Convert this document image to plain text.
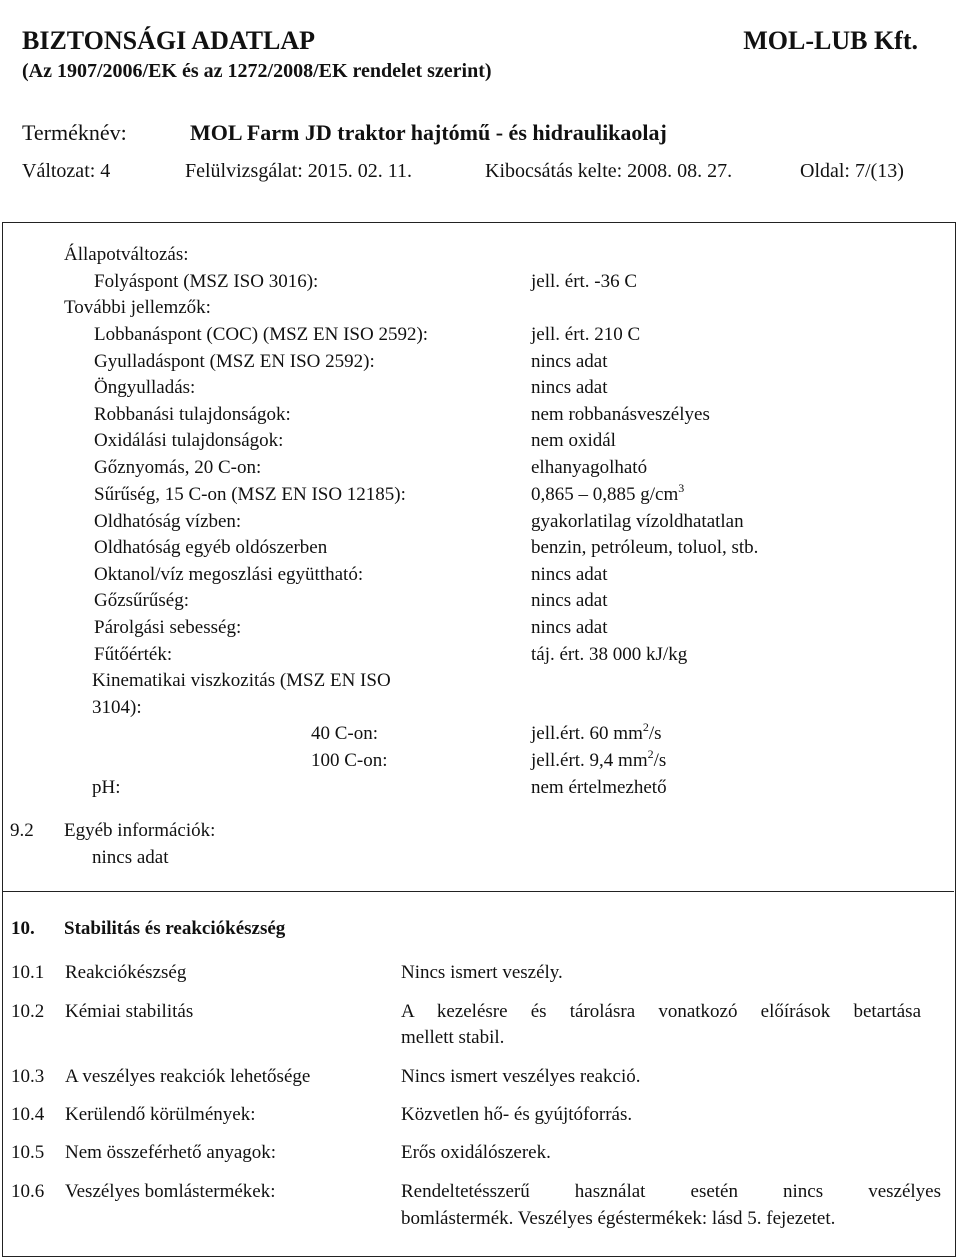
BIZTONSÁGI ADATLAP	MOL-LUB Kft.
(Az 1907/2006/EK és az 1272/2008/EK rendelet szerint)
Terméknév:	MOL Farm JD traktor hajtómű - és hidraulikaolaj
Változat: 4	Felülvizsgálat: 2015. 02. 11.	Kibocsátás kelte: 2008. 08. 27.	Oldal: 7/(13)
Állapotváltozás:
Folyáspont (MSZ ISO 3016):	jell. ért. -36 C
További jellemzők:
Lobbanáspont (COC) (MSZ EN ISO 2592):	jell. ért. 210 C
Gyulladáspont (MSZ EN ISO 2592):	nincs adat
Öngyulladás:	nincs adat
Robbanási tulajdonságok:	nem robbanásveszélyes
Oxidálási tulajdonságok:	nem oxidál
Gőznyomás, 20 C-on:	elhanyagolható
Sűrűség, 15 C-on (MSZ EN ISO 12185):	0,865 – 0,885 $g/cm^3$
Oldhatóság vízben:	gyakorlatilag vízoldhatatlan
Oldhatóság egyéb oldószerben	benzin, petróleum, toluol, stb.
Oktanol/víz megoszlási együttható:	nincs adat
Gőzsűrűség:	nincs adat
Párolgási sebesség:	nincs adat
Fűtőérték:	táj. ért. 38 000 kJ/kg
Kinematikai viszkozitás (MSZ EN ISO
3104):
40 C-on:	jell.ért. 60 $mm^2/s$
100 C-on:	jell.ért. 9,4 $mm^2/s$
pH:	nem értelmezhető
9.2 Egyéb információk:
nincs adat
10. Stabilitás és reakciókészség
10.1 Reakciókészség	Nincs ismert veszély.
10.2 Kémiai stabilitás	A kezelésre és tárolásra vonatkozó előírások betartása
mellett stabil.
10.3 A veszélyes reakciók lehetősége	Nincs ismert veszélyes reakció.
10.4 Kerülendő körülmények:	Közvetlen hő- és gyújtóforrás.
10.5 Nem összeférhető anyagok:	Erős oxidálószerek.
10.6 Veszélyes bomlástermékek:	Rendeltetésszerű használat esetén nincs veszélyes
bomlástermék. Veszélyes égéstermékek: lásd 5. fejezetet.
